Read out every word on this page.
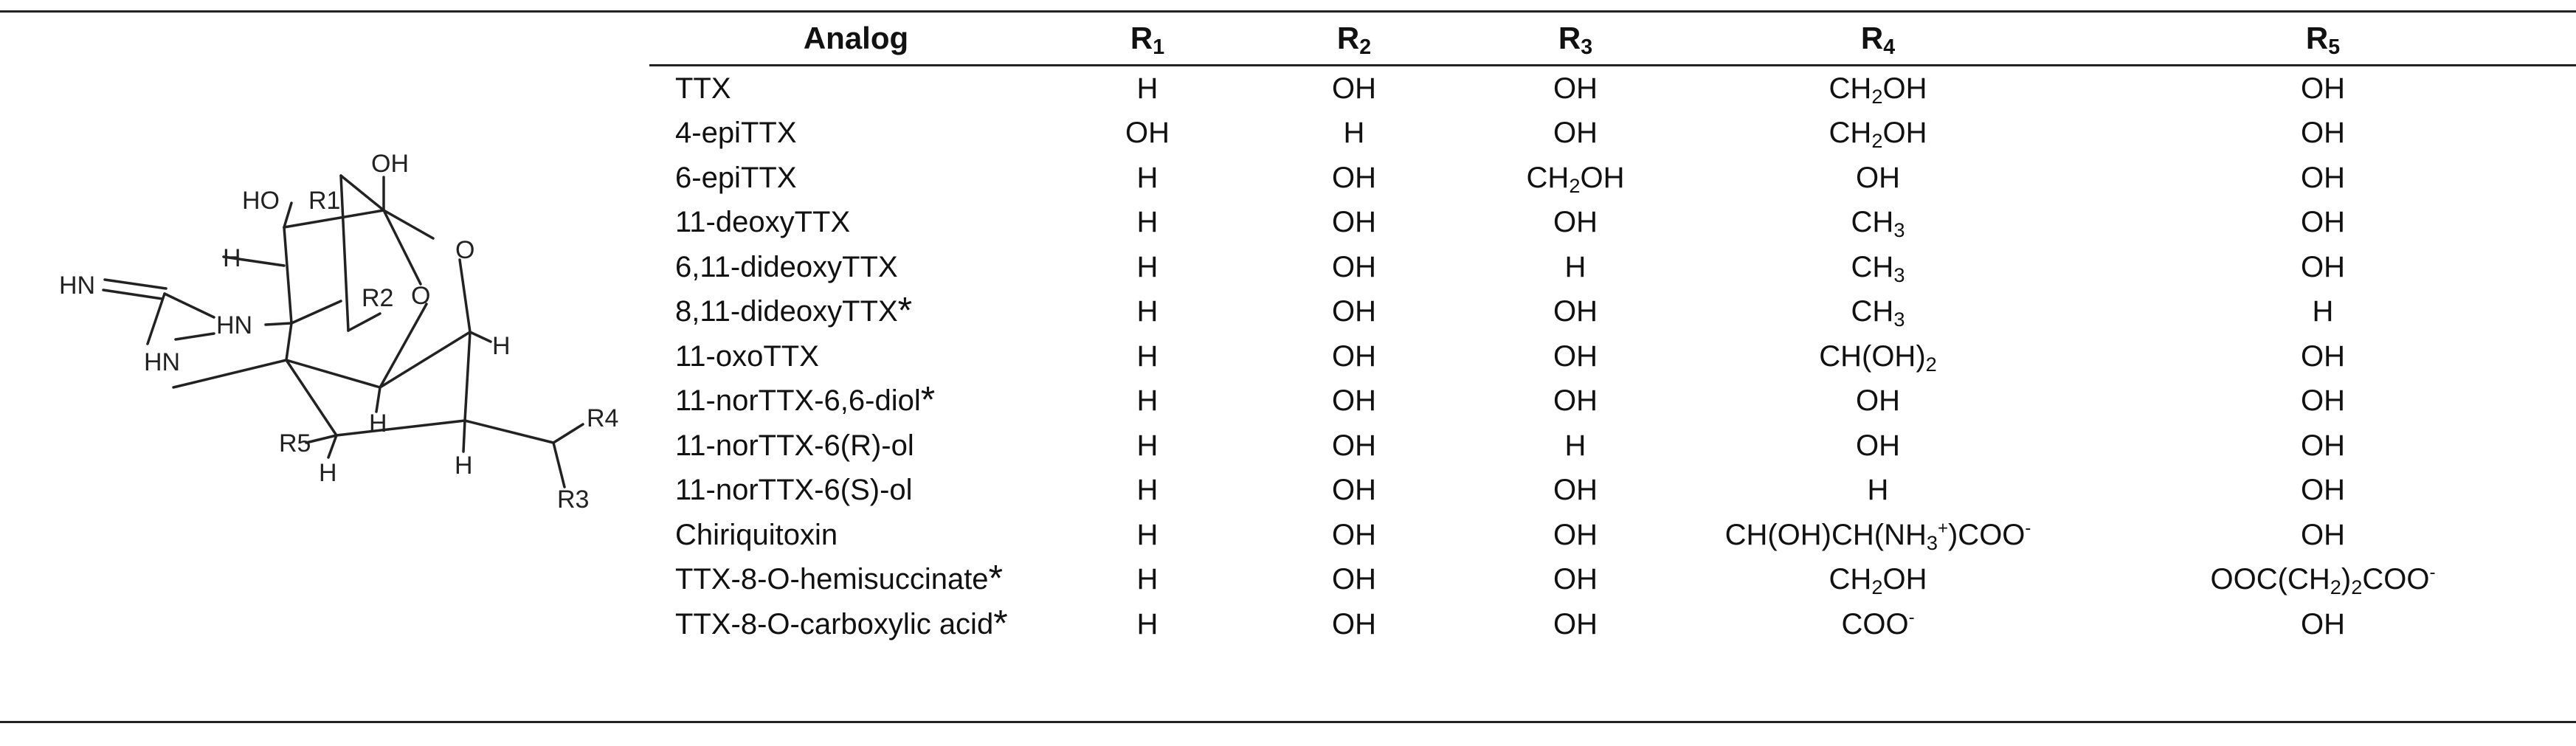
OH
HO R1
O
H
R2 O
HN
HN
H
HN
H
R5
H	H
R4
R3
Analog	$R_1$	$R_2$	$R_3$	$R_4$	$R_5$
TTX	H	OH	OH	$CH_2OH$	OH
4-epiTTX	OH	H	OH	$CH_2OH$	OH
6-epiTTX	H	OH	$CH_2OH$	OH	OH
11-deoxyTTX	H	OH	OH	$CH_3$	OH
6,11-dideoxyTTX	H	OH	H	$CH_3$	OH
8,11-dideoxyTTX*	H	OH	OH	$CH_3$	H
11-oxoTTX	H	OH	OH	$CH(OH)_2$	OH
11-norTTX-6,6-diol*	H	OH	OH	OH	OH
11-norTTX-6(R)-ol	H	OH	H	OH	OH
11-norTTX-6(S)-ol	H	OH	OH	H	OH
Chiriquitoxin	H	OH	OH	$CH(OH)CH(NH_3^+)COO^-$	OH
TTX-8-O-hemisuccinate*	H	OH	OH	$CH_2OH$	$OOC(CH_2)_2COO^-$
TTX-8-O-carboxylic acid*	H	OH	OH	COO-	OH
